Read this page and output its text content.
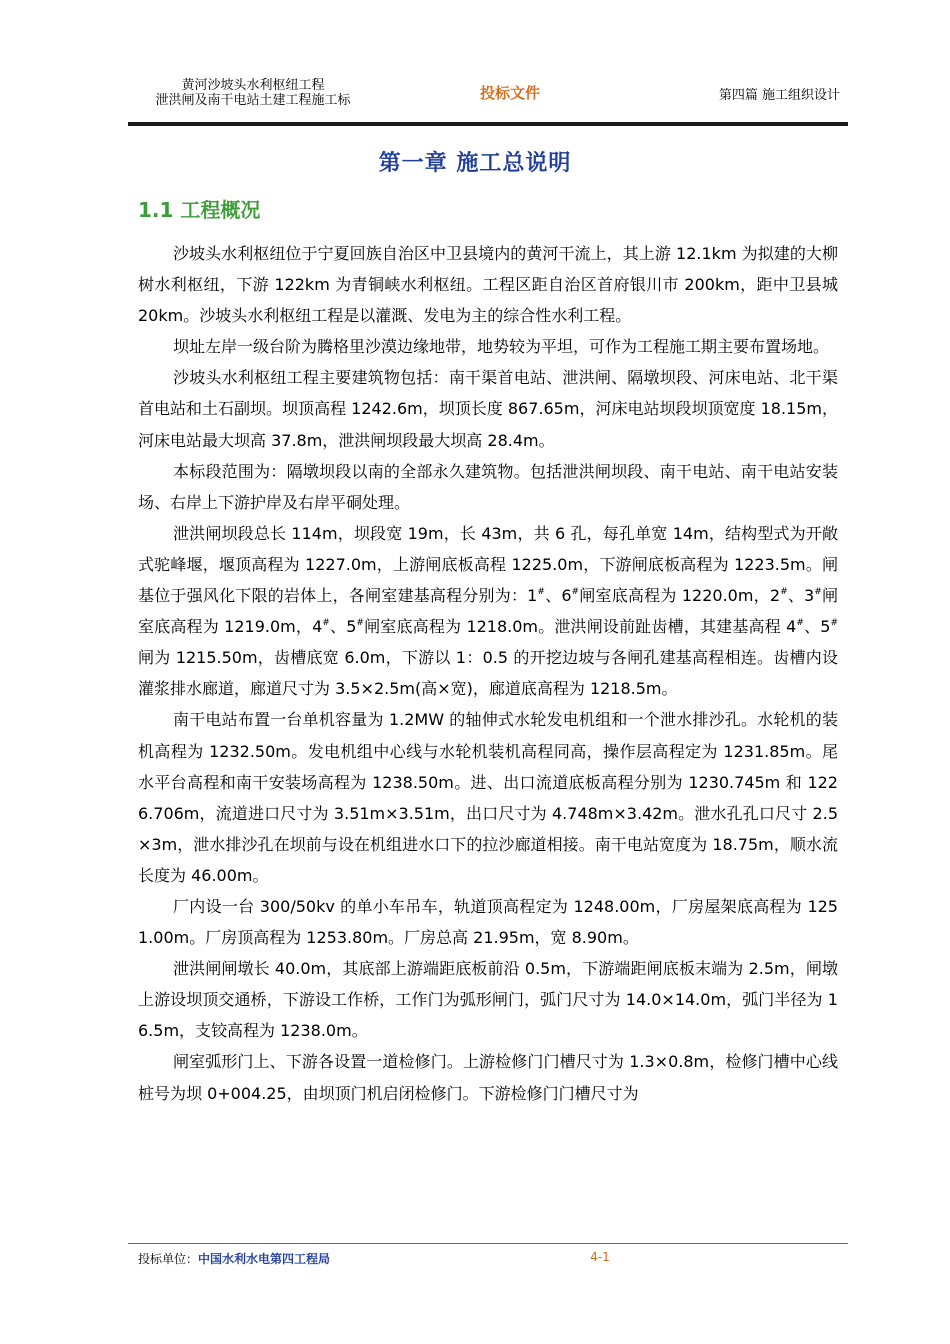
黄河沙坡头水利枢纽工程
泄洪闸及南干电站土建工程施工标	投标文件	第四篇 施工组织设计
第一章 施工总说明
1.1 工程概况

沙坡头水利枢纽位于宁夏回族自治区中卫县境内的黄河干流上，其上游 12.1km 为拟建的大柳树水利枢纽，下游 122km 为青铜峡水利枢纽。工程区距自治区首府银川市 200km，距中卫县城 20km。沙坡头水利枢纽工程是以灌溉、发电为主的综合性水利工程。

坝址左岸一级台阶为腾格里沙漠边缘地带，地势较为平坦，可作为工程施工期主要布置场地。

沙坡头水利枢纽工程主要建筑物包括：南干渠首电站、泄洪闸、隔墩坝段、河床电站、北干渠首电站和土石副坝。坝顶高程 1242.6m，坝顶长度 867.65m，河床电站坝段坝顶宽度 18.15m，河床电站最大坝高 37.8m，泄洪闸坝段最大坝高 28.4m。

本标段范围为：隔墩坝段以南的全部永久建筑物。包括泄洪闸坝段、南干电站、南干电站安装场、右岸上下游护岸及右岸平硐处理。

泄洪闸坝段总长 114m，坝段宽 19m，长 43m，共 6 孔，每孔单宽 14m，结构型式为开敞式驼峰堰，堰顶高程为 1227.0m，上游闸底板高程 1225.0m，下游闸底板高程为 1223.5m。闸基位于强风化下限的岩体上，各闸室建基高程分别为：1#、6#闸室底高程为 1220.0m，2#、3#闸室底高程为 1219.0m，4#、5#闸室底高程为 1218.0m。泄洪闸设前趾齿槽，其建基高程 4#、5#闸为 1215.50m，齿槽底宽 6.0m，下游以 1：0.5 的开挖边坡与各闸孔建基高程相连。齿槽内设灌浆排水廊道，廊道尺寸为 3.5×2.5m(高×宽)，廊道底高程为 1218.5m。

南干电站布置一台单机容量为 1.2MW 的轴伸式水轮发电机组和一个泄水排沙孔。水轮机的装机高程为 1232.50m。发电机组中心线与水轮机装机高程同高，操作层高程定为 1231.85m。尾水平台高程和南干安装场高程为 1238.50m。进、出口流道底板高程分别为 1230.745m 和 1226.706m，流道进口尺寸为 3.51m×3.51m，出口尺寸为 4.748m×3.42m。泄水孔孔口尺寸 2.5×3m，泄水排沙孔在坝前与设在机组进水口下的拉沙廊道相接。南干电站宽度为 18.75m，顺水流长度为 46.00m。

厂内设一台 300/50kv 的单小车吊车，轨道顶高程定为 1248.00m，厂房屋架底高程为 1251.00m。厂房顶高程为 1253.80m。厂房总高 21.95m，宽 8.90m。

泄洪闸闸墩长 40.0m，其底部上游端距底板前沿 0.5m，下游端距闸底板末端为 2.5m，闸墩上游设坝顶交通桥，下游设工作桥，工作门为弧形闸门，弧门尺寸为 14.0×14.0m，弧门半径为 16.5m，支铰高程为 1238.0m。

闸室弧形门上、下游各设置一道检修门。上游检修门门槽尺寸为 1.3×0.8m，检修门槽中心线桩号为坝 0+004.25，由坝顶门机启闭检修门。下游检修门门槽尺寸为

投标单位：中国水利水电第四工程局	4-1
